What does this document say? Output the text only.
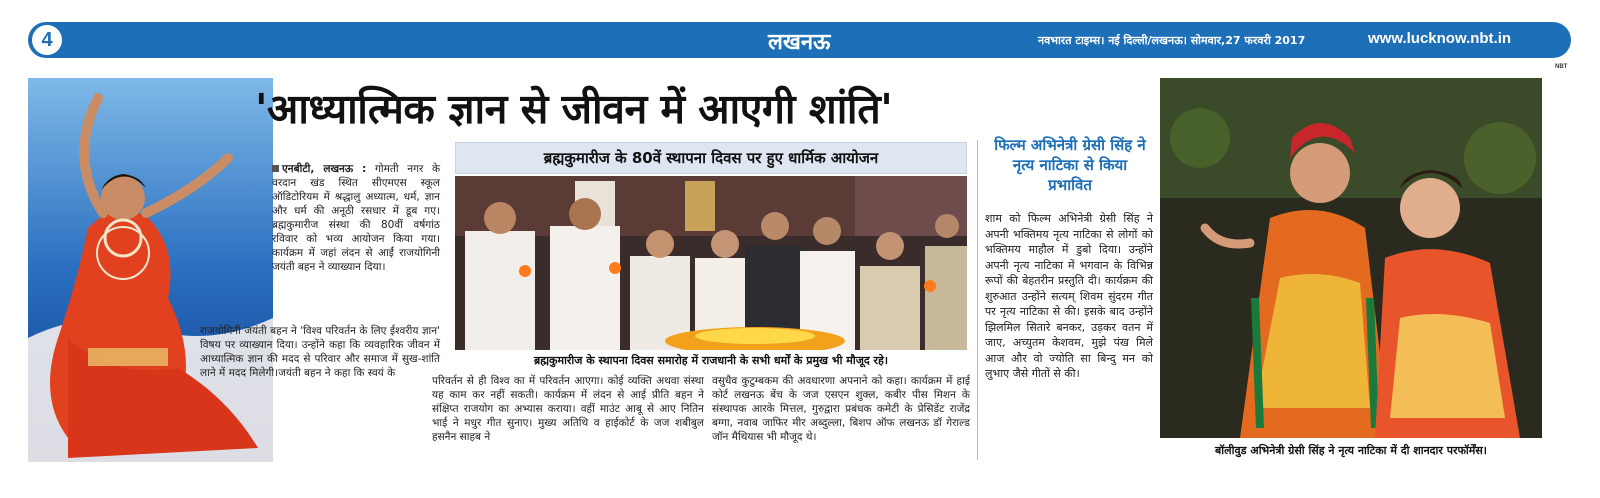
4	लखनऊ	नवभारत टाइम्स। नई दिल्ली/लखनऊ। सोमवार,27 फरवरी 2017	www.lucknow.nbt.in
NBT
'आध्यात्मिक ज्ञान से जीवन में आएगी शांति'
एनबीटी, लखनऊ : गोमती नगर के वरदान खंड स्थित सीएमएस स्कूल ऑडिटोरियम में श्रद्धालु अध्यात्म, धर्म, ज्ञान और धर्म की अनूठी रसधार में डूब गए। ब्रह्मकुमारीज संस्था की 80वीं वर्षगांठ रविवार को भव्य आयोजन किया गया। कार्यक्रम में जहां लंदन से आईं राजयोगिनी जयंती बहन ने व्याख्यान दिया।
राजयोगिनी जयंती बहन ने 'विश्व परिवर्तन के लिए ईश्वरीय ज्ञान' विषय पर व्याख्यान दिया। उन्होंने कहा कि व्यवहारिक जीवन में आध्यात्मिक ज्ञान की मदद से परिवार और समाज में सुख-शांति लाने में मदद मिलेगी।जयंती बहन ने कहा कि स्वयं के
ब्रह्मकुमारीज के 80वें स्थापना दिवस पर हुए धार्मिक आयोजन
ब्रह्मकुमारीज के स्थापना दिवस समारोह में राजधानी के सभी धर्मों के प्रमुख भी मौजूद रहे।
परिवर्तन से ही विश्व का में परिवर्तन आएगा। कोई व्यक्ति अथवा संस्था यह काम कर नहीं सकती। कार्यक्रम में लंदन से आई प्रीति बहन ने संक्षिप्त राजयोग का अभ्यास कराया। वहीं माउंट आबू से आए नितिन भाई ने मधुर गीत सुनाए। मुख्य अतिथि व हाईकोर्ट के जज शबीबुल हसनैन साहब ने
वसुधैव कुटुम्बकम की अवधारणा अपनाने को कहा। कार्यक्रम में हाई कोर्ट लखनऊ बेंच के जज एसएन शुक्ल, कबीर पीस मिशन के संस्थापक आरके मित्तल, गुरुद्वारा प्रबंधक कमेटी के प्रेसिडेंट राजेंद्र बग्गा, नवाब जाफिर मीर अब्दुल्ला, बिशप ऑफ लखनऊ डॉ गेराल्ड जॉन मैथियास भी मौजूद थे।
फिल्म अभिनेत्री ग्रेसी सिंह ने नृत्य नाटिका से किया प्रभावित
शाम को फिल्म अभिनेत्री ग्रेसी सिंह ने अपनी भक्तिमय नृत्य नाटिका से लोगों को भक्तिमय माहौल में डुबो दिया। उन्होंने अपनी नृत्य नाटिका में भगवान के विभिन्न रूपों की बेहतरीन प्रस्तुति दी। कार्यक्रम की शुरुआत उन्होंने सत्यम् शिवम सुंदरम गीत पर नृत्य नाटिका से की। इसके बाद उन्होंने झिलमिल सितारे बनकर, उड़कर वतन में जाए, अच्युतम केशवम, मुझे पंख मिले आज और वो ज्योति सा बिन्दु मन को लुभाए जैसे गीतों से की।
बॉलीवुड अभिनेत्री ग्रेसी सिंह ने नृत्य नाटिका में दी शानदार परफॉर्मेंस।
